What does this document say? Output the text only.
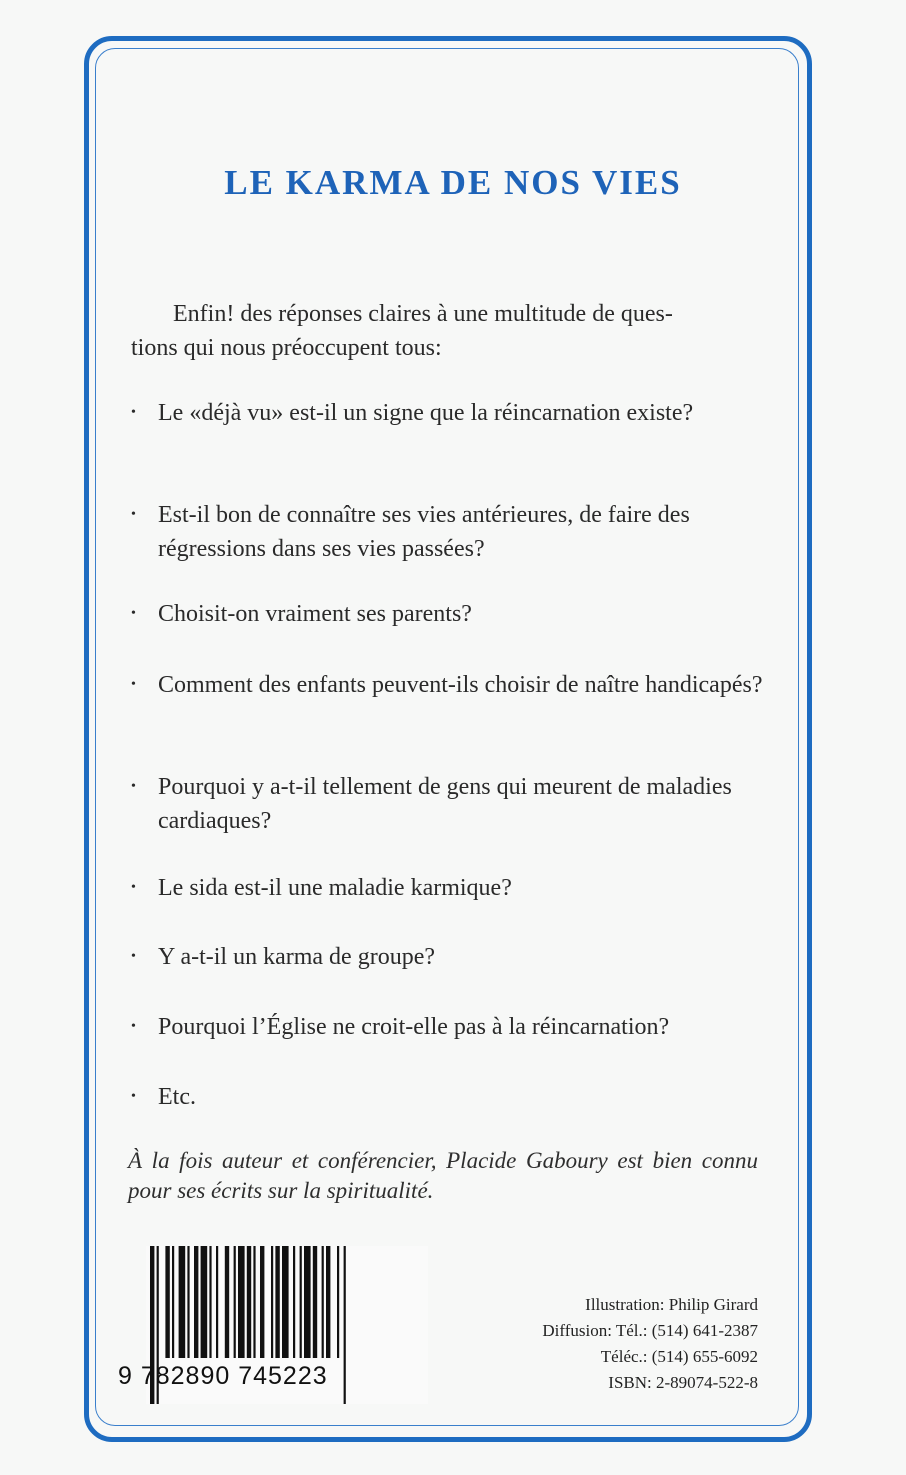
LE KARMA DE NOS VIES
Enfin! des réponses claires à une multitude de ques-
tions qui nous préoccupent tous:
• Le «déjà vu» est-il un signe que la réincarnation existe?
• Est-il bon de connaître ses vies antérieures, de faire des régressions dans ses vies passées?
• Choisit-on vraiment ses parents?
• Comment des enfants peuvent-ils choisir de naître handicapés?
• Pourquoi y a-t-il tellement de gens qui meurent de maladies cardiaques?
• Le sida est-il une maladie karmique?
• Y a-t-il un karma de groupe?
• Pourquoi l’Église ne croit-elle pas à la réincarnation?
• Etc.
À la fois auteur et conférencier, Placide Gaboury est bien connu pour ses écrits sur la spiritualité.
9 782890 745223
Illustration: Philip Girard
Diffusion: Tél.: (514) 641-2387
Téléc.: (514) 655-6092
ISBN: 2-89074-522-8
